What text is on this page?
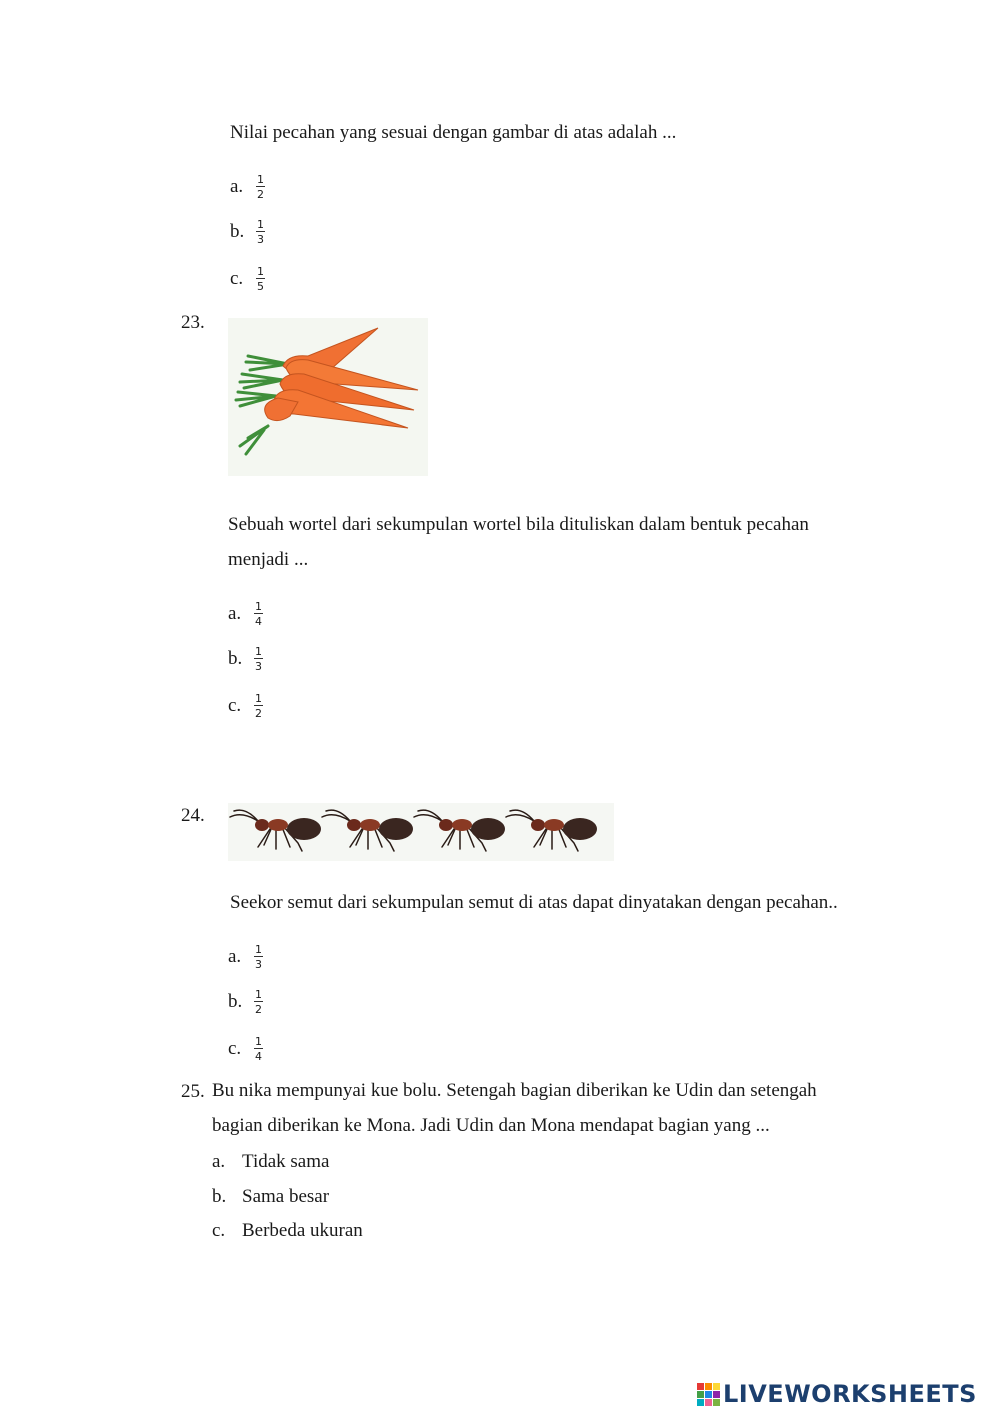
Nilai pecahan yang sesuai dengan gambar di atas adalah ...
a.	$\frac{1}{2}$
b.	$\frac{1}{3}$
c.	$\frac{1}{5}$
23.
Sebuah wortel dari sekumpulan wortel bila dituliskan dalam bentuk pecahan
menjadi ...
a.	$\frac{1}{4}$
b.	$\frac{1}{3}$
c.	$\frac{1}{2}$
24.
Seekor semut dari sekumpulan semut di atas dapat dinyatakan dengan pecahan..
a.	$\frac{1}{3}$
b.	$\frac{1}{2}$
c.	$\frac{1}{4}$
25. Bu nika mempunyai kue bolu. Setengah bagian diberikan ke Udin dan setengah
bagian diberikan ke Mona. Jadi Udin dan Mona mendapat bagian yang ...
a. Tidak sama
b. Sama besar
c. Berbeda ukuran
LIVEWORKSHEETS
